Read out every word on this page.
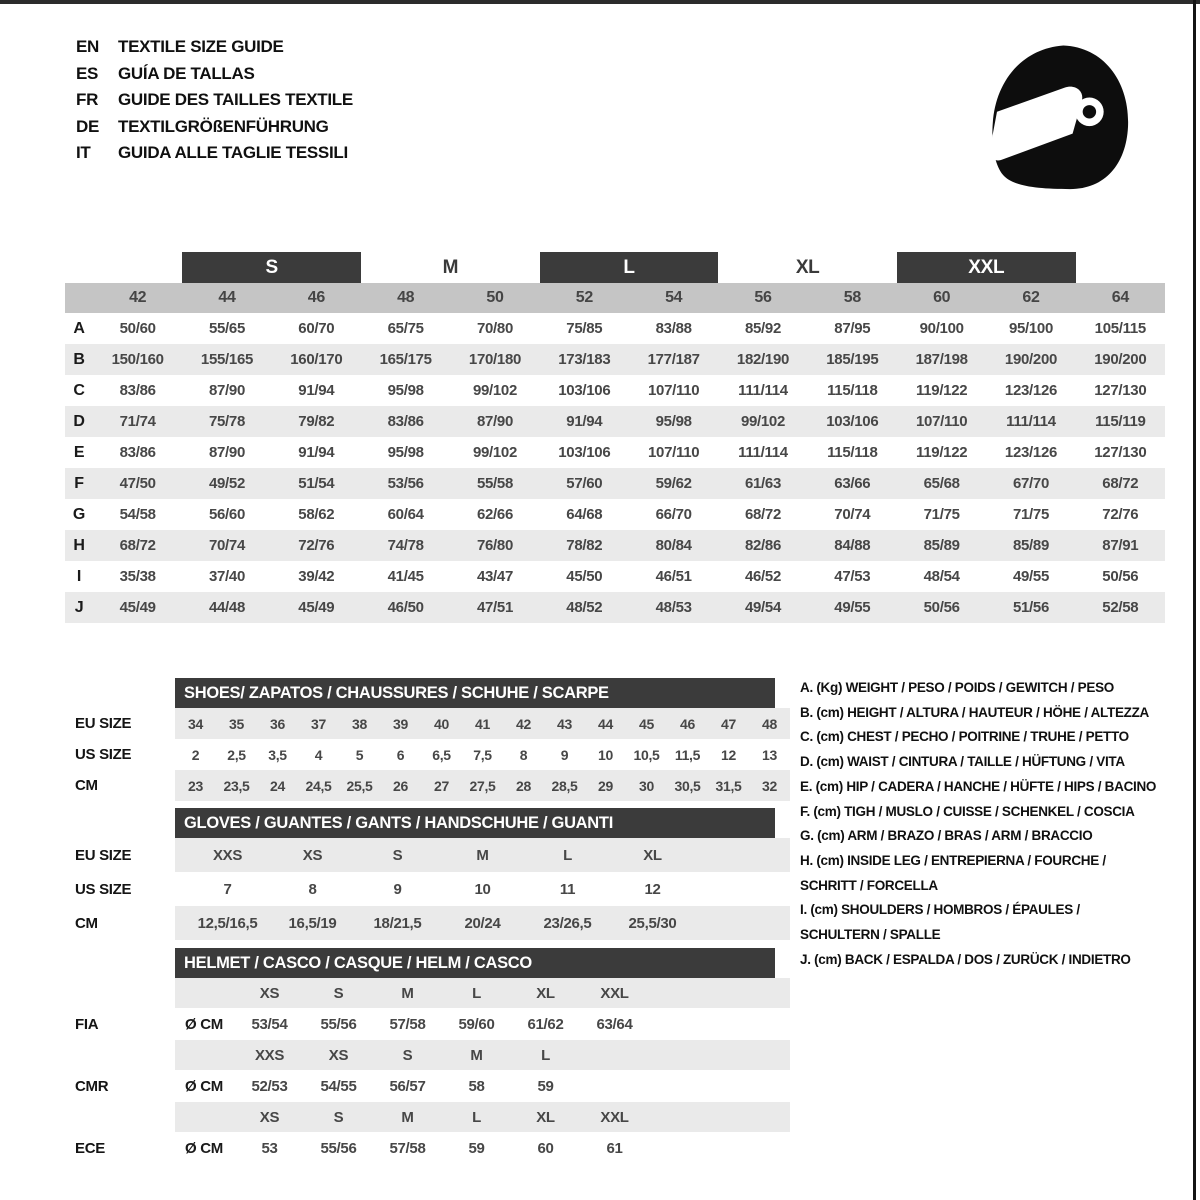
EN	TEXTILE SIZE GUIDE
ES	GUÍA DE TALLAS
FR	GUIDE DES TAILLES TEXTILE
DE	TEXTILGRÖßENFÜHRUNG
IT	GUIDA ALLE TAGLIE TESSILI
S	M	L	XL	XXL
42	44	46	48	50	52	54	56	58	60	62	64
A	50/60	55/65	60/70	65/75	70/80	75/85	83/88	85/92	87/95	90/100	95/100	105/115
B	150/160	155/165	160/170	165/175	170/180	173/183	177/187	182/190	185/195	187/198	190/200	190/200
C	83/86	87/90	91/94	95/98	99/102	103/106	107/110	111/114	115/118	119/122	123/126	127/130
D	71/74	75/78	79/82	83/86	87/90	91/94	95/98	99/102	103/106	107/110	111/114	115/119
E	83/86	87/90	91/94	95/98	99/102	103/106	107/110	111/114	115/118	119/122	123/126	127/130
F	47/50	49/52	51/54	53/56	55/58	57/60	59/62	61/63	63/66	65/68	67/70	68/72
G	54/58	56/60	58/62	60/64	62/66	64/68	66/70	68/72	70/74	71/75	71/75	72/76
H	68/72	70/74	72/76	74/78	76/80	78/82	80/84	82/86	84/88	85/89	85/89	87/91
I	35/38	37/40	39/42	41/45	43/47	45/50	46/51	46/52	47/53	48/54	49/55	50/56
J	45/49	44/48	45/49	46/50	47/51	48/52	48/53	49/54	49/55	50/56	51/56	52/58
SHOES/ ZAPATOS / CHAUSSURES / SCHUHE / SCARPE
EU SIZE	34	35	36	37	38	39	40	41	42	43	44	45	46	47	48
US SIZE	2	2,5	3,5	4	5	6	6,5	7,5	8	9	10	10,5	11,5	12	13
CM	23	23,5	24	24,5	25,5	26	27	27,5	28	28,5	29	30	30,5	31,5	32
GLOVES / GUANTES / GANTS / HANDSCHUHE / GUANTI
EU SIZE	XXS	XS	S	M	L	XL
US SIZE	7	8	9	10	11	12
CM	12,5/16,5	16,5/19	18/21,5	20/24	23/26,5	25,5/30
HELMET / CASCO / CASQUE / HELM / CASCO
XS	S	M	L	XL	XXL
FIA	Ø CM	53/54	55/56	57/58	59/60	61/62	63/64
XXS	XS	S	M	L
CMR	Ø CM	52/53	54/55	56/57	58	59
XS	S	M	L	XL	XXL
ECE	Ø CM	53	55/56	57/58	59	60	61
A. (Kg) WEIGHT / PESO / POIDS / GEWITCH / PESO
B. (cm) HEIGHT / ALTURA / HAUTEUR / HÖHE / ALTEZZA
C. (cm) CHEST / PECHO / POITRINE / TRUHE / PETTO
D. (cm) WAIST / CINTURA / TAILLE / HÜFTUNG / VITA
E. (cm) HIP / CADERA / HANCHE / HÜFTE / HIPS / BACINO
F. (cm) TIGH / MUSLO / CUISSE / SCHENKEL / COSCIA
G. (cm) ARM / BRAZO / BRAS / ARM / BRACCIO
H. (cm) INSIDE LEG / ENTREPIERNA / FOURCHE /
SCHRITT / FORCELLA
I. (cm) SHOULDERS / HOMBROS / ÉPAULES /
SCHULTERN / SPALLE
J. (cm) BACK / ESPALDA / DOS / ZURÜCK / INDIETRO
